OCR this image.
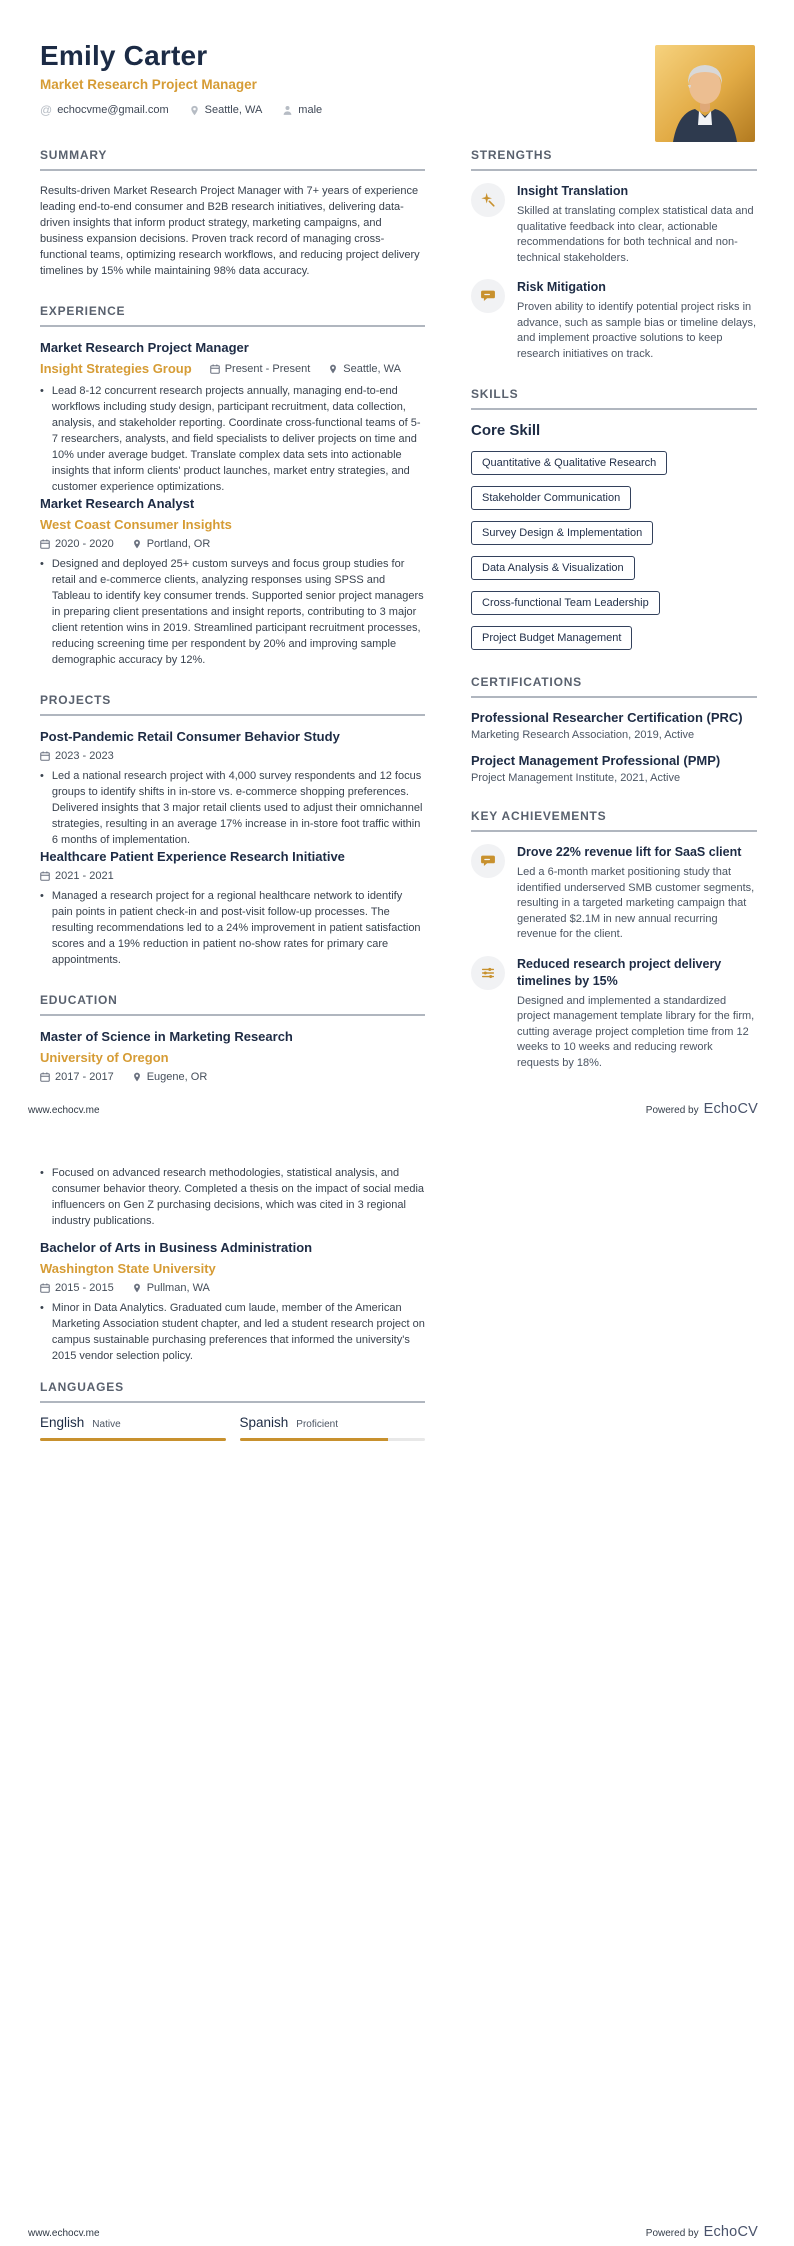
Emily Carter
Market Research Project Manager
@ echocvme@gmail.com	Seattle, WA	male
SUMMARY

Results-driven Market Research Project Manager with 7+ years of experience leading end-to-end consumer and B2B research initiatives, delivering data-driven insights that inform product strategy, marketing campaigns, and business expansion decisions. Proven track record of managing cross-functional teams, optimizing research workflows, and reducing project delivery timelines by 15% while maintaining 98% data accuracy.

EXPERIENCE
Market Research Project Manager
Insight Strategies Group	Present - Present	Seattle, WA
• Lead 8-12 concurrent research projects annually, managing end-to-end workflows including study design, participant recruitment, data collection, analysis, and stakeholder reporting. Coordinate cross-functional teams of 5-7 researchers, analysts, and field specialists to deliver projects on time and 10% under average budget. Translate complex data sets into actionable insights that inform clients' product launches, market entry strategies, and customer experience optimizations.
Market Research Analyst
West Coast Consumer Insights
2020 - 2020	Portland, OR
• Designed and deployed 25+ custom surveys and focus group studies for retail and e-commerce clients, analyzing responses using SPSS and Tableau to identify key consumer trends. Supported senior project managers in preparing client presentations and insight reports, contributing to 3 major client retention wins in 2019. Streamlined participant recruitment processes, reducing screening time per respondent by 20% and improving sample demographic accuracy by 12%.
PROJECTS
Post-Pandemic Retail Consumer Behavior Study
2023 - 2023
• Led a national research project with 4,000 survey respondents and 12 focus groups to identify shifts in in-store vs. e-commerce shopping preferences. Delivered insights that 3 major retail clients used to adjust their omnichannel strategies, resulting in an average 17% increase in in-store foot traffic within 6 months of implementation.
Healthcare Patient Experience Research Initiative
2021 - 2021
• Managed a research project for a regional healthcare network to identify pain points in patient check-in and post-visit follow-up processes. The resulting recommendations led to a 24% improvement in patient satisfaction scores and a 19% reduction in patient no-show rates for primary care appointments.
EDUCATION
Master of Science in Marketing Research
University of Oregon
2017 - 2017	Eugene, OR
STRENGTHS
Insight Translation
Skilled at translating complex statistical data and qualitative feedback into clear, actionable recommendations for both technical and non-technical stakeholders.
Risk Mitigation
Proven ability to identify potential project risks in advance, such as sample bias or timeline delays, and implement proactive solutions to keep research initiatives on track.
SKILLS
Core Skill
Quantitative & Qualitative Research
Stakeholder Communication
Survey Design & Implementation
Data Analysis & Visualization
Cross-functional Team Leadership
Project Budget Management
CERTIFICATIONS
Professional Researcher Certification (PRC)
Marketing Research Association, 2019, Active
Project Management Professional (PMP)
Project Management Institute, 2021, Active
KEY ACHIEVEMENTS
Drove 22% revenue lift for SaaS client
Led a 6-month market positioning study that identified underserved SMB customer segments, resulting in a targeted marketing campaign that generated $2.1M in new annual recurring revenue for the client.
Reduced research project delivery timelines by 15%
Designed and implemented a standardized project management template library for the firm, cutting average project completion time from 12 weeks to 10 weeks and reducing rework requests by 18%.
www.echocv.me	Powered by EchoCV
• Focused on advanced research methodologies, statistical analysis, and consumer behavior theory. Completed a thesis on the impact of social media influencers on Gen Z purchasing decisions, which was cited in 3 regional industry publications.
Bachelor of Arts in Business Administration
Washington State University
2015 - 2015	Pullman, WA
• Minor in Data Analytics. Graduated cum laude, member of the American Marketing Association student chapter, and led a student research project on campus sustainable purchasing preferences that informed the university's 2015 vendor selection policy.
LANGUAGES
English Native	Spanish Proficient
www.echocv.me	Powered by EchoCV
